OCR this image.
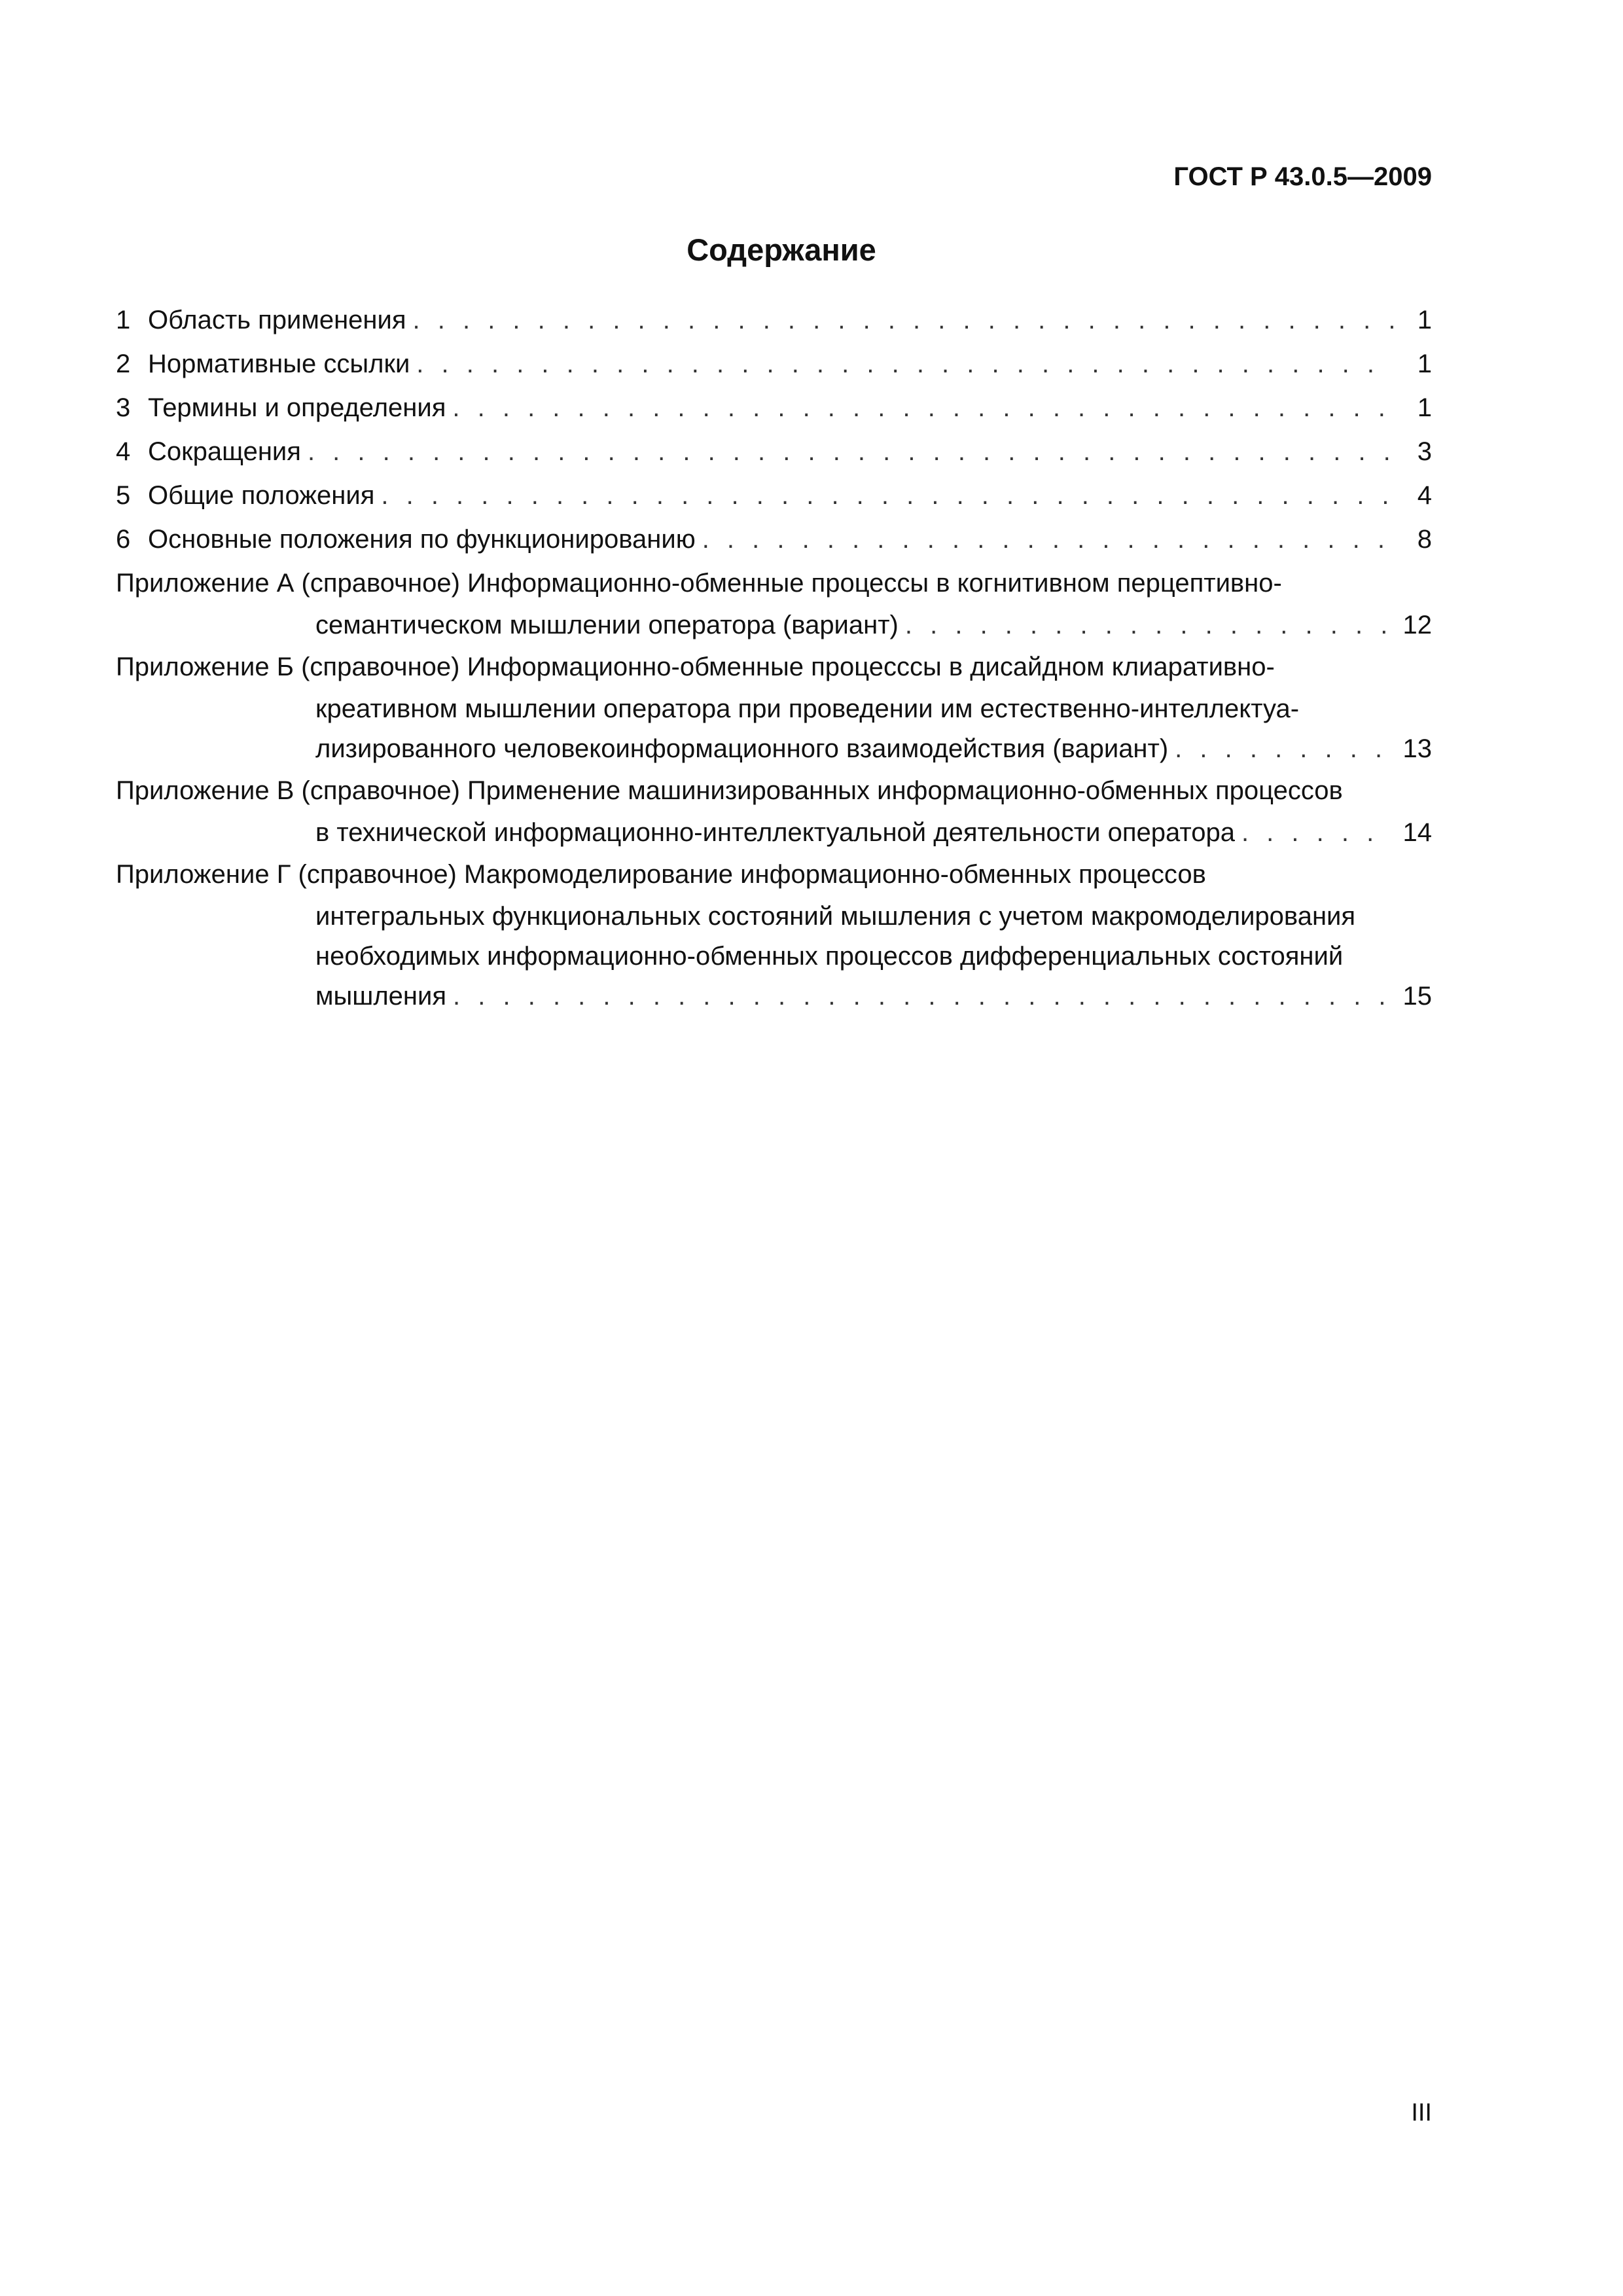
ГОСТ Р 43.0.5—2009
Содержание
1 Область применения . . .	1
2 Нормативные ссылки . . .	1
3 Термины и определения . . .	1
4 Сокращения . . .	3
5 Общие положения . . .	4
6 Основные положения по функционированию . . .	8
Приложение А (справочное) Информационно-обменные процессы в когнитивном перцептивно-
семантическом мышлении оператора (вариант) . . .	12
Приложение Б (справочное) Информационно-обменные процесссы в дисайдном клиаративно-
креативном мышлении оператора при проведении им естественно-интеллектуа-
лизированного человекоинформационного взаимодействия (вариант) . . .	13
Приложение В (справочное) Применение машинизированных информационно-обменных процессов
в технической информационно-интеллектуальной деятельности оператора . . .	14
Приложение Г (справочное) Макромоделирование информационно-обменных процессов
интегральных функциональных состояний мышления с учетом макромоделирования
необходимых информационно-обменных процессов дифференциальных состояний
мышления . . .	15
III
